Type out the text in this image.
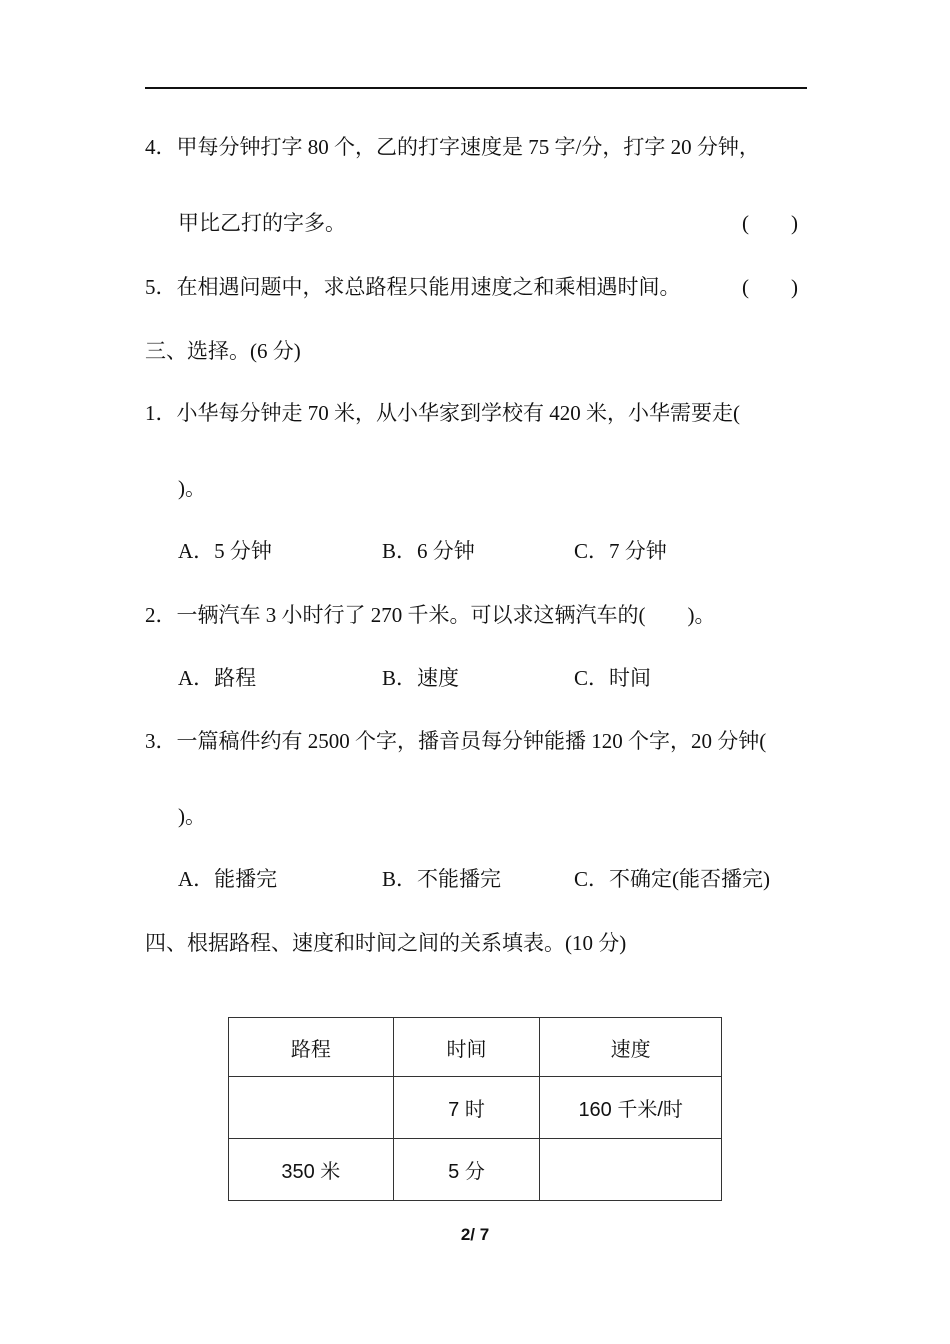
4．甲每分钟打字 80 个，乙的打字速度是 75 字/分，打字 20 分钟，
甲比乙打的字多。	(　　)
5．在相遇问题中，求总路程只能用速度之和乘相遇时间。	(　　)
三、选择。(6 分)
1．小华每分钟走 70 米，从小华家到学校有 420 米，小华需要走(
)。
A．5 分钟	B．6 分钟	C．7 分钟
2．一辆汽车 3 小时行了 270 千米。可以求这辆汽车的(　　)。
A．路程	B．速度	C．时间
3．一篇稿件约有 2500 个字，播音员每分钟能播 120 个字，20 分钟(
)。
A．能播完	B．不能播完	C．不确定(能否播完)
四、根据路程、速度和时间之间的关系填表。(10 分)
路程	时间	速度
	7 时	160 千米/时
350 米	5 分	
2/ 7
